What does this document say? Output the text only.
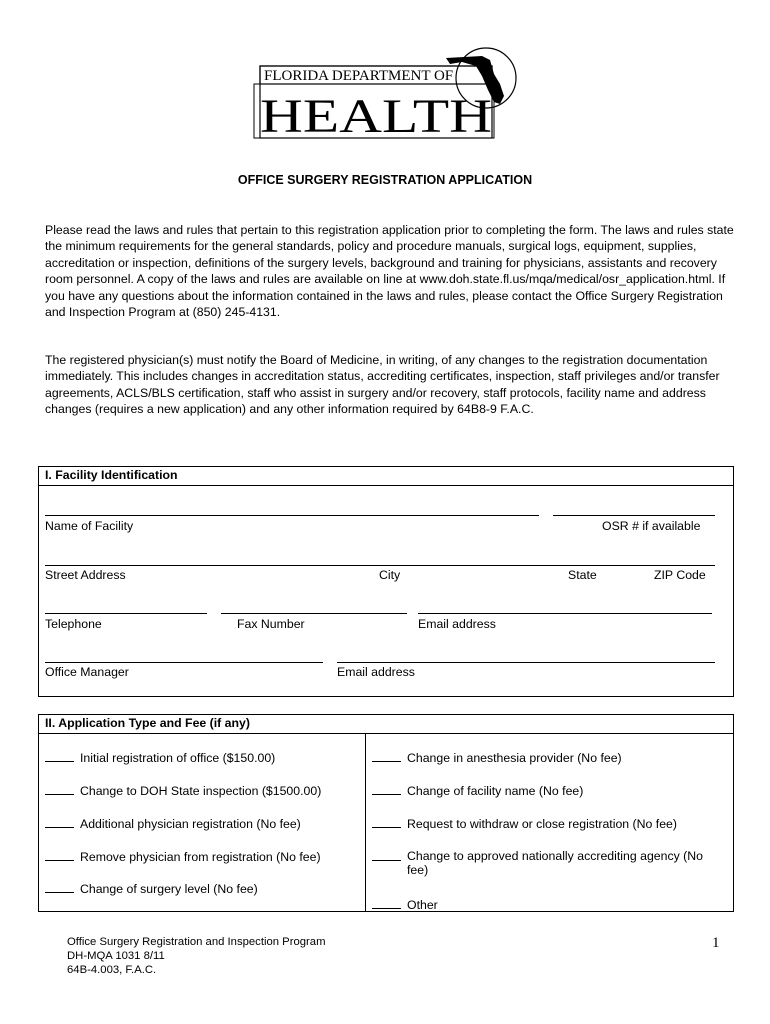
FLORIDA DEPARTMENT OF
HEALTH
OFFICE SURGERY REGISTRATION APPLICATION

Please read the laws and rules that pertain to this registration application prior to completing the form. The laws and rules state the minimum requirements for the general standards, policy and procedure manuals, surgical logs, equipment, supplies, accreditation or inspection, definitions of the surgery levels, background and training for physicians, assistants and recovery room personnel. A copy of the laws and rules are available on line at www.doh.state.fl.us/mqa/medical/osr_application.html. If you have any questions about the information contained in the laws and rules, please contact the Office Surgery Registration and Inspection Program at (850) 245-4131.

The registered physician(s) must notify the Board of Medicine, in writing, of any changes to the registration documentation immediately. This includes changes in accreditation status, accrediting certificates, inspection, staff privileges and/or transfer agreements, ACLS/BLS certification, staff who assist in surgery and/or recovery, staff protocols, facility name and address changes (requires a new application) and any other information required by 64B8-9 F.A.C.

I. Facility Identification
Name of Facility	OSR # if available
Street Address	City	State	ZIP Code
Telephone	Fax Number	Email address
Office Manager	Email address
II. Application Type and Fee (if any)
Initial registration of office ($150.00)
Change to DOH State inspection ($1500.00)
Additional physician registration (No fee)
Remove physician from registration (No fee)
Change of surgery level (No fee)
Change in anesthesia provider (No fee)
Change of facility name (No fee)
Request to withdraw or close registration (No fee)
Change to approved nationally accrediting agency (No fee)
Other
Office Surgery Registration and Inspection Program
DH-MQA 1031 8/11
64B-4.003, F.A.C.
1
